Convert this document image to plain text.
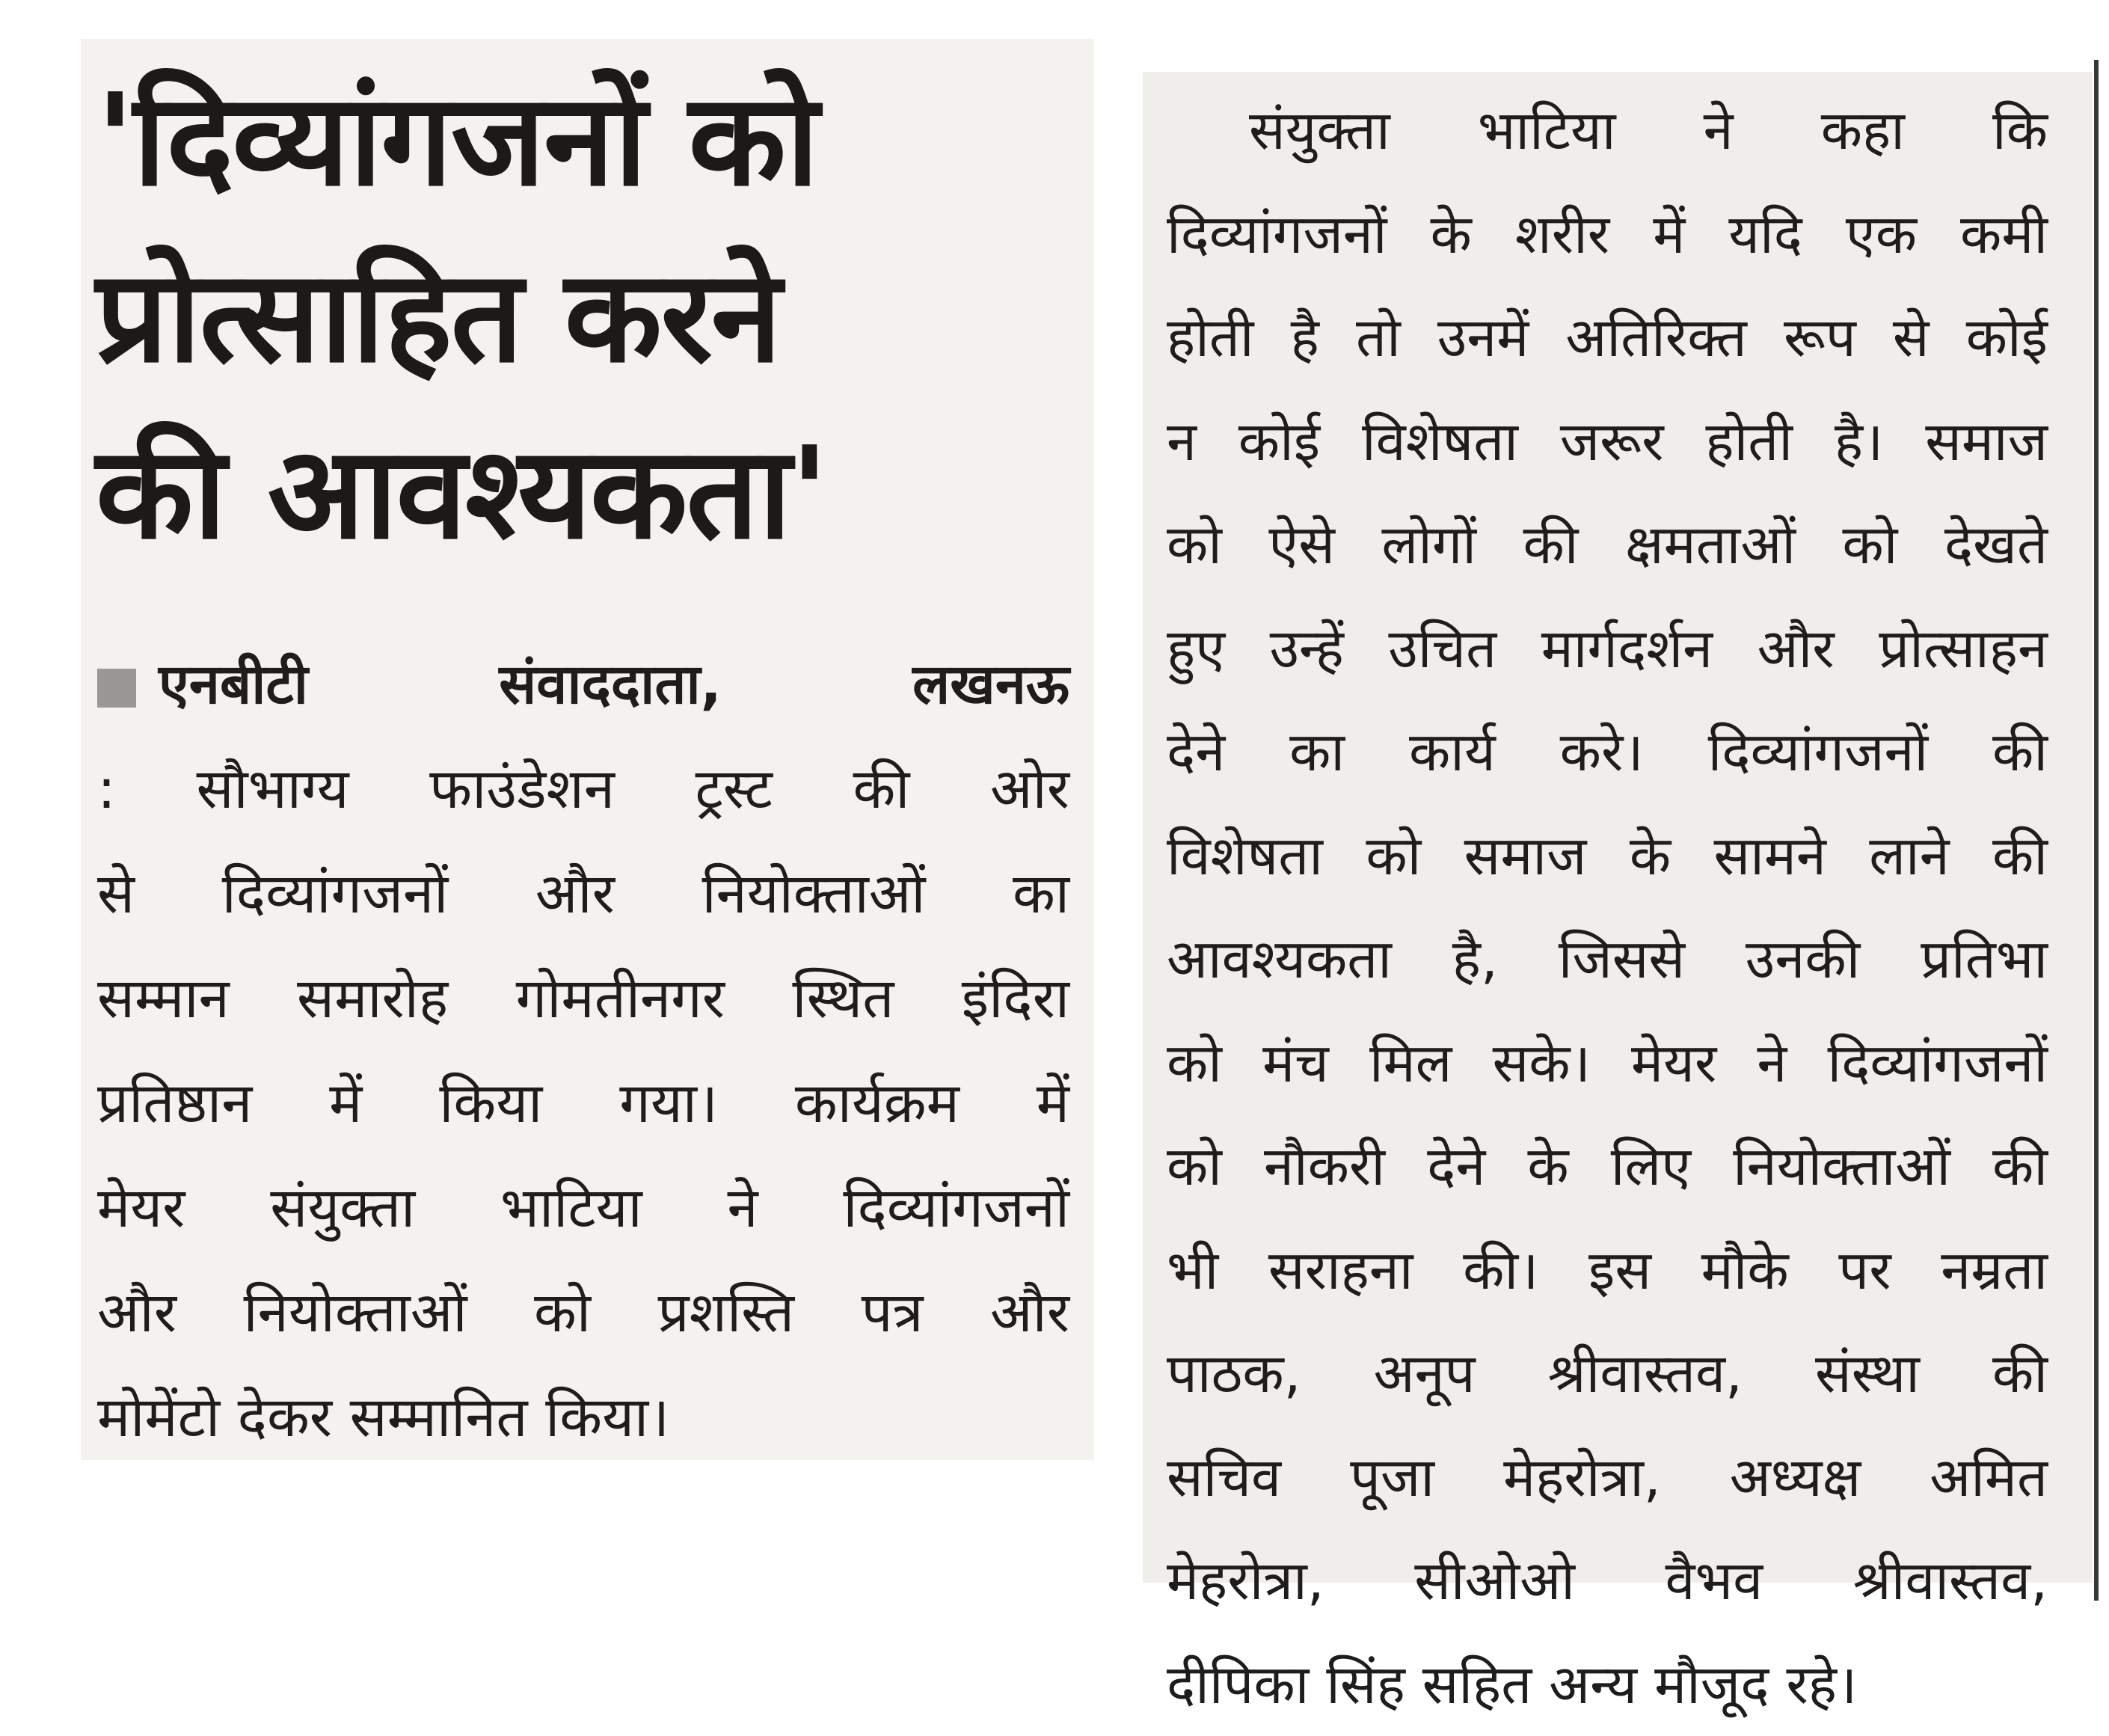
'दिव्यांगजनों को
प्रोत्साहित करने
की आवश्यकता'
एनबीटी संवाददाता, लखनऊ
: सौभाग्य फाउंडेशन ट्रस्ट की ओर
से दिव्यांगजनों और नियोक्ताओं का
सम्मान समारोह गोमतीनगर स्थित इंदिरा
प्रतिष्ठान में किया गया। कार्यक्रम में
मेयर संयुक्ता भाटिया ने दिव्यांगजनों
और नियोक्ताओं को प्रशस्ति पत्र और
मोमेंटो देकर सम्मानित किया।
संयुक्ता भाटिया ने कहा कि
दिव्यांगजनों के शरीर में यदि एक कमी
होती है तो उनमें अतिरिक्त रूप से कोई
न कोई विशेषता जरूर होती है। समाज
को ऐसे लोगों की क्षमताओं को देखते
हुए उन्हें उचित मार्गदर्शन और प्रोत्साहन
देने का कार्य करे। दिव्यांगजनों की
विशेषता को समाज के सामने लाने की
आवश्यकता है, जिससे उनकी प्रतिभा
को मंच मिल सके। मेयर ने दिव्यांगजनों
को नौकरी देने के लिए नियोक्ताओं की
भी सराहना की। इस मौके पर नम्रता
पाठक, अनूप श्रीवास्तव, संस्था की
सचिव पूजा मेहरोत्रा, अध्यक्ष अमित
मेहरोत्रा, सीओओ वैभव श्रीवास्तव,
दीपिका सिंह सहित अन्य मौजूद रहे।
